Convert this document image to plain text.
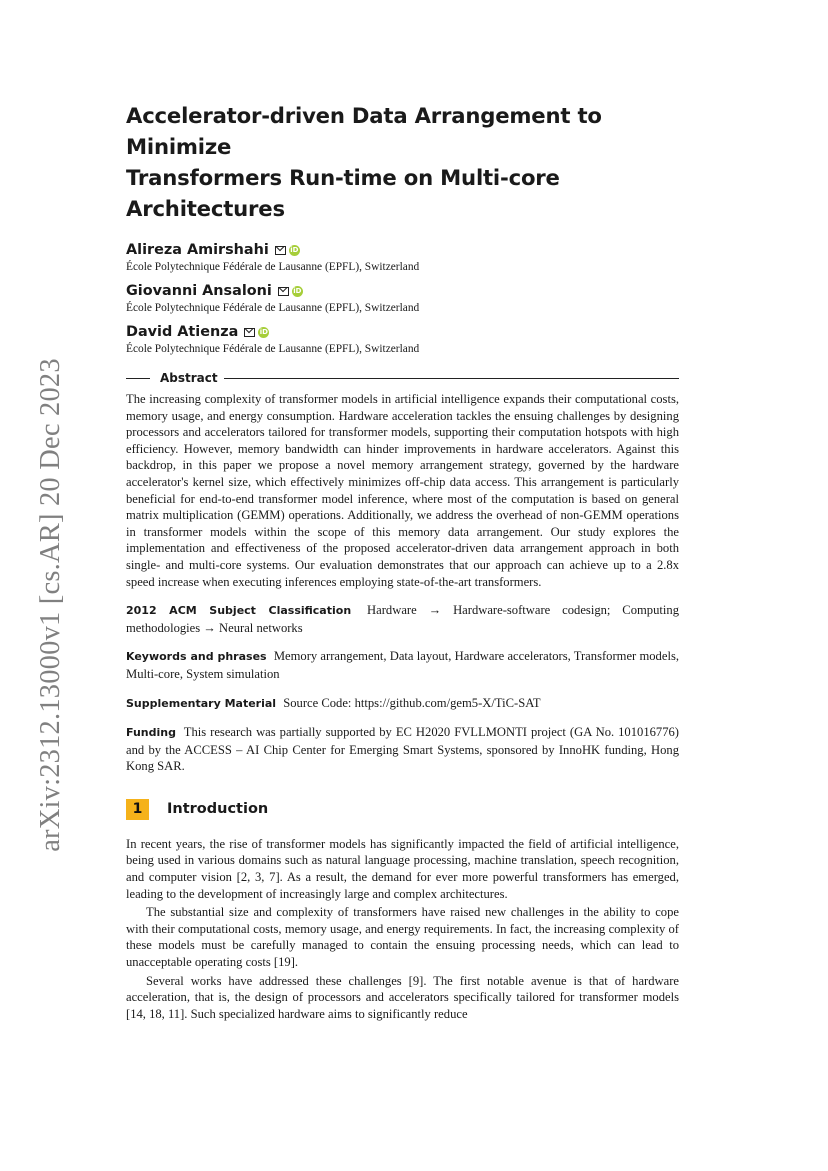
arXiv:2312.13000v1 [cs.AR] 20 Dec 2023
Accelerator-driven Data Arrangement to Minimize
Transformers Run-time on Multi-core Architectures
Alireza Amirshahi	iD
École Polytechnique Fédérale de Lausanne (EPFL), Switzerland
Giovanni Ansaloni	iD
École Polytechnique Fédérale de Lausanne (EPFL), Switzerland
David Atienza	iD
École Polytechnique Fédérale de Lausanne (EPFL), Switzerland
Abstract

The increasing complexity of transformer models in artificial intelligence expands their computational costs, memory usage, and energy consumption. Hardware acceleration tackles the ensuing challenges by designing processors and accelerators tailored for transformer models, supporting their computation hotspots with high efficiency. However, memory bandwidth can hinder improvements in hardware accelerators. Against this backdrop, in this paper we propose a novel memory arrangement strategy, governed by the hardware accelerator's kernel size, which effectively minimizes off-chip data access. This arrangement is particularly beneficial for end-to-end transformer model inference, where most of the computation is based on general matrix multiplication (GEMM) operations. Additionally, we address the overhead of non-GEMM operations in transformer models within the scope of this memory data arrangement. Our study explores the implementation and effectiveness of the proposed accelerator-driven data arrangement approach in both single- and multi-core systems. Our evaluation demonstrates that our approach can achieve up to a 2.8x speed increase when executing inferences employing state-of-the-art transformers.

2012 ACM Subject Classification Hardware → Hardware-software codesign; Computing methodologies → Neural networks
Keywords and phrases Memory arrangement, Data layout, Hardware accelerators, Transformer models, Multi-core, System simulation
Supplementary Material Source Code: https://github.com/gem5-X/TiC-SAT
Funding This research was partially supported by EC H2020 FVLLMONTI project (GA No. 101016776) and by the ACCESS – AI Chip Center for Emerging Smart Systems, sponsored by InnoHK funding, Hong Kong SAR.
1	Introduction

In recent years, the rise of transformer models has significantly impacted the field of artificial intelligence, being used in various domains such as natural language processing, machine translation, speech recognition, and computer vision [2, 3, 7]. As a result, the demand for ever more powerful transformers has emerged, leading to the development of increasingly large and complex architectures.

The substantial size and complexity of transformers have raised new challenges in the ability to cope with their computational costs, memory usage, and energy requirements. In fact, the increasing complexity of these models must be carefully managed to contain the ensuing processing needs, which can lead to unacceptable operating costs [19].

Several works have addressed these challenges [9]. The first notable avenue is that of hardware acceleration, that is, the design of processors and accelerators specifically tailored for transformer models [14, 18, 11]. Such specialized hardware aims to significantly reduce
